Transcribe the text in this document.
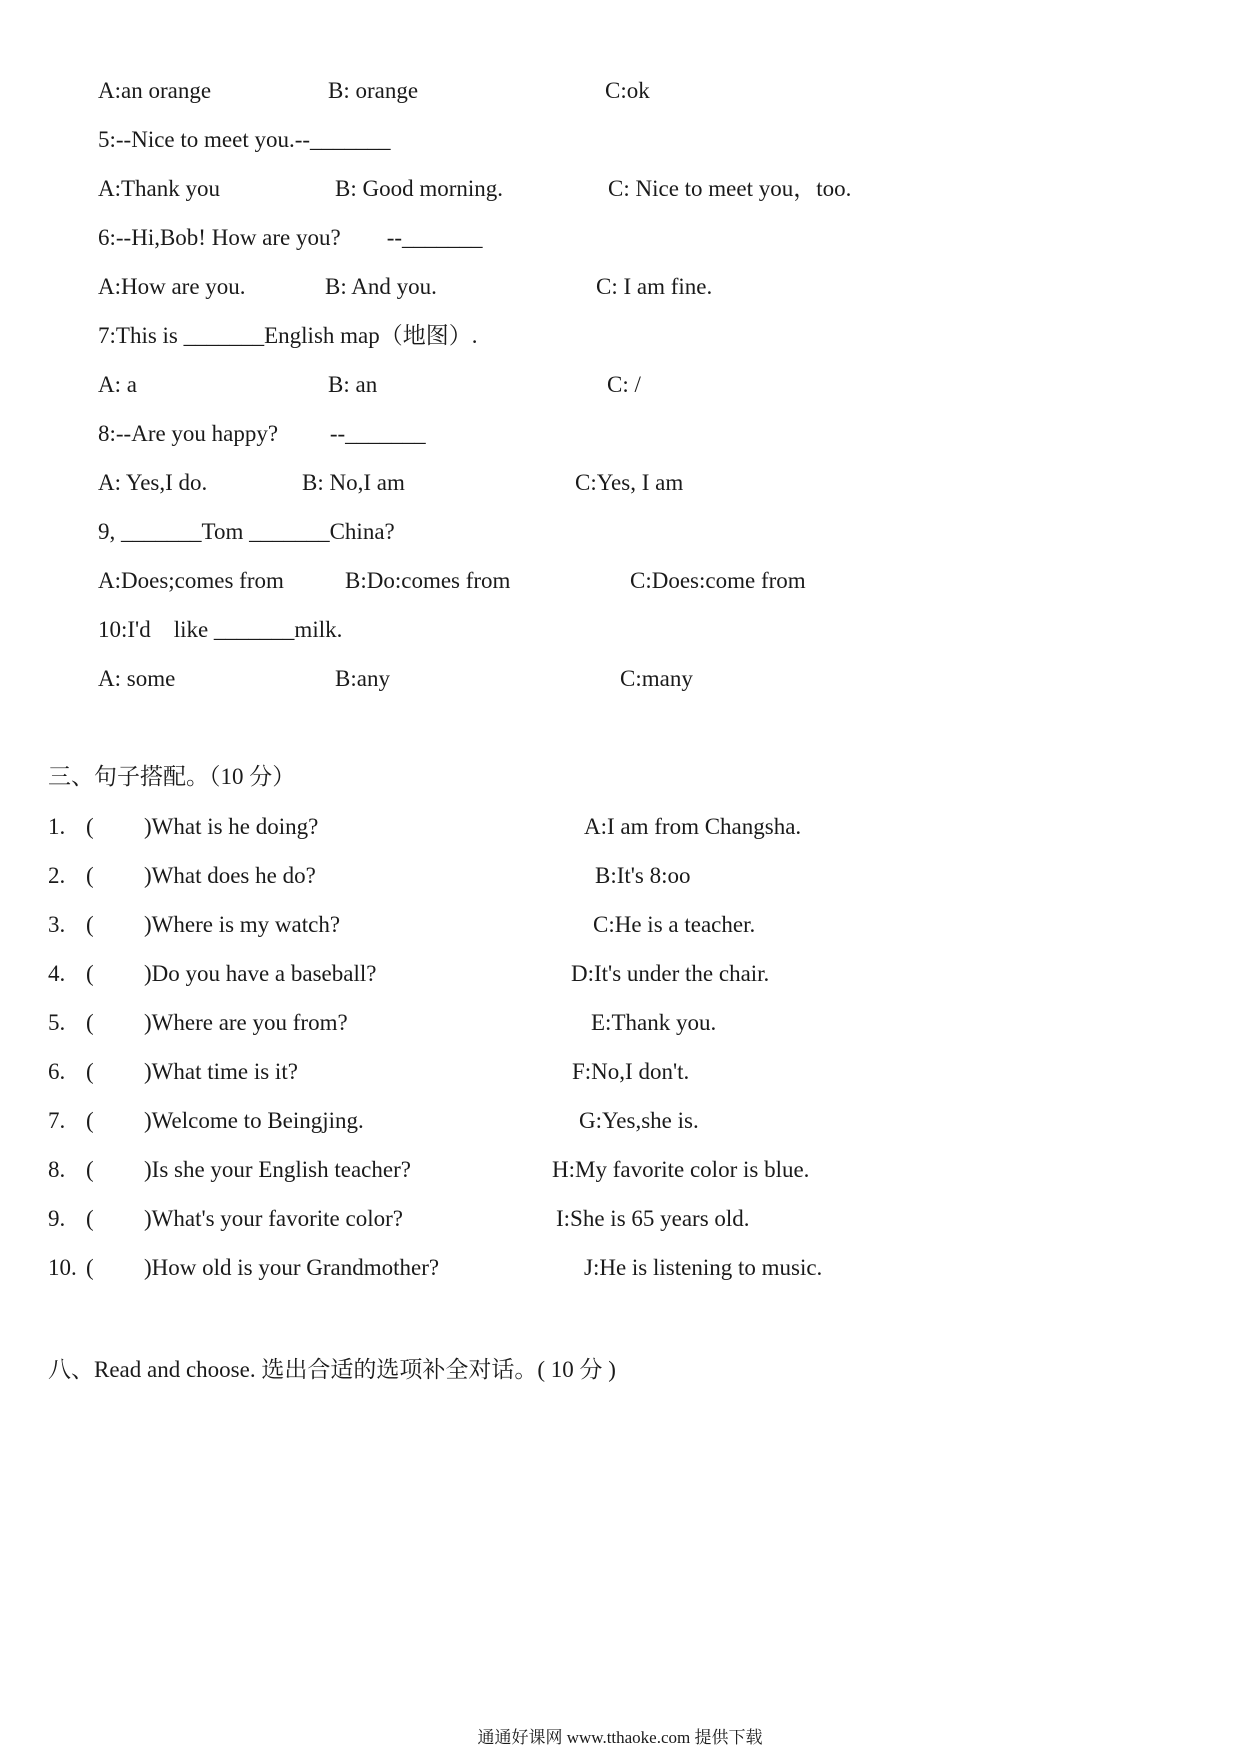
A:an orange	B: orange	C:ok
5:--Nice to meet you.--_______
A:Thank you	B: Good morning.	C: Nice to meet you，too.
6:--Hi,Bob! How are you?        --_______
A:How are you.	B: And you.	C: I am fine.
7:This is _______English map（地图）.
A: a	B: an	C: /
8:--Are you happy?         --_______
A: Yes,I do.	B: No,I am	C:Yes, I am
9, _______Tom _______China?
A:Does;comes from	B:Do:comes from	C:Does:come from
10:I'd    like _______milk.
A: some	B:any	C:many
三、句子搭配。（10 分）
1. ( )What is he doing?	A:I am from Changsha.
2. ( )What does he do?	B:It's 8:oo
3. ( )Where is my watch?	C:He is a teacher.
4. ( )Do you have a baseball?	D:It's under the chair.
5. ( )Where are you from?	E:Thank you.
6. ( )What time is it?	F:No,I don't.
7. ( )Welcome to Beingjing.	G:Yes,she is.
8. ( )Is she your English teacher?	H:My favorite color is blue.
9. ( )What's your favorite color?	I:She is 65 years old.
10. ( )How old is your Grandmother?	J:He is listening to music.
八、Read and choose. 选出合适的选项补全对话。( 10 分 )
通通好课网 www.tthaoke.com 提供下载
